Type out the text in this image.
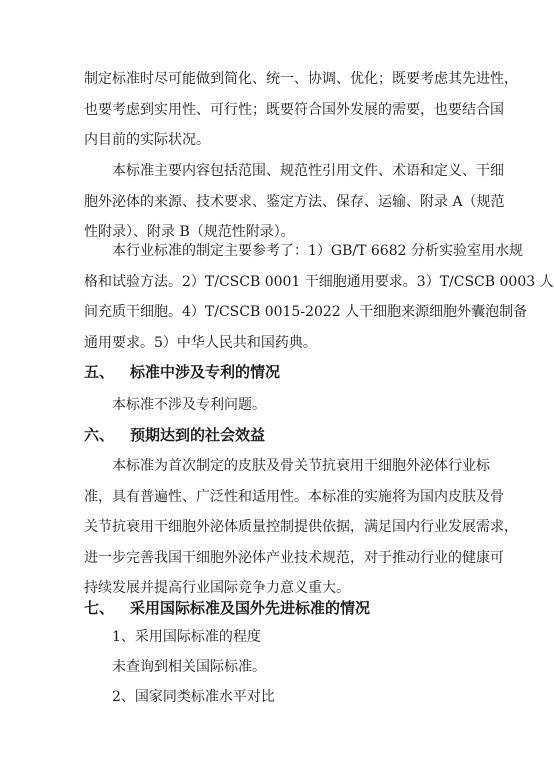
制定标准时尽可能做到简化、统一、协调、优化；既要考虑其先进性，
也要考虑到实用性、可行性；既要符合国外发展的需要，也要结合国
内目前的实际状况。

本标准主要内容包括范围、规范性引用文件、术语和定义、干细
胞外泌体的来源、技术要求、鉴定方法、保存、运输、附录 A（规范
性附录）、附录 B（规范性附录）。

本行业标准的制定主要参考了：1）GB/T 6682 分析实验室用水规
格和试验方法。2）T/CSCB 0001 干细胞通用要求。3）T/CSCB 0003 人
间充质干细胞。4）T/CSCB 0015-2022 人干细胞来源细胞外囊泡制备
通用要求。5）中华人民共和国药典。

五、 标准中涉及专利的情况

本标准不涉及专利问题。

六、 预期达到的社会效益

本标准为首次制定的皮肤及骨关节抗衰用干细胞外泌体行业标
准，具有普遍性、广泛性和适用性。本标准的实施将为国内皮肤及骨
关节抗衰用干细胞外泌体质量控制提供依据，满足国内行业发展需求，
进一步完善我国干细胞外泌体产业技术规范，对于推动行业的健康可
持续发展并提高行业国际竞争力意义重大。

七、 采用国际标准及国外先进标准的情况

1、采用国际标准的程度

未查询到相关国际标准。

2、国家同类标准水平对比
